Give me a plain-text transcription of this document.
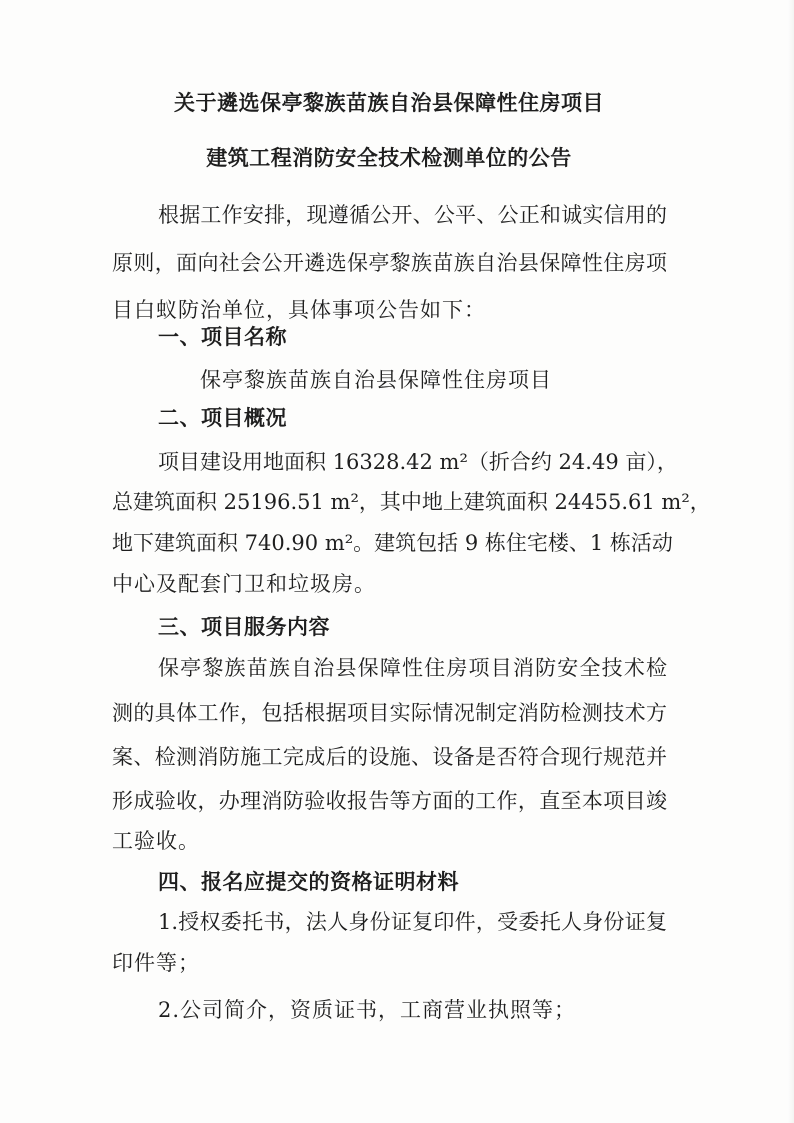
关于遴选保亭黎族苗族自治县保障性住房项目
建筑工程消防安全技术检测单位的公告
根据工作安排，现遵循公开、公平、公正和诚实信用的
原则，面向社会公开遴选保亭黎族苗族自治县保障性住房项
目白蚁防治单位，具体事项公告如下：
一、项目名称
保亭黎族苗族自治县保障性住房项目
二、项目概况
项目建设用地面积 16328.42 m²（折合约 24.49 亩），
总建筑面积 25196.51 m²，其中地上建筑面积 24455.61 m²，
地下建筑面积 740.90 m²。建筑包括 9 栋住宅楼、1 栋活动
中心及配套门卫和垃圾房。
三、项目服务内容
保亭黎族苗族自治县保障性住房项目消防安全技术检
测的具体工作，包括根据项目实际情况制定消防检测技术方
案、检测消防施工完成后的设施、设备是否符合现行规范并
形成验收，办理消防验收报告等方面的工作，直至本项目竣
工验收。
四、报名应提交的资格证明材料
1.授权委托书，法人身份证复印件，受委托人身份证复
印件等；
2.公司简介，资质证书，工商营业执照等；
